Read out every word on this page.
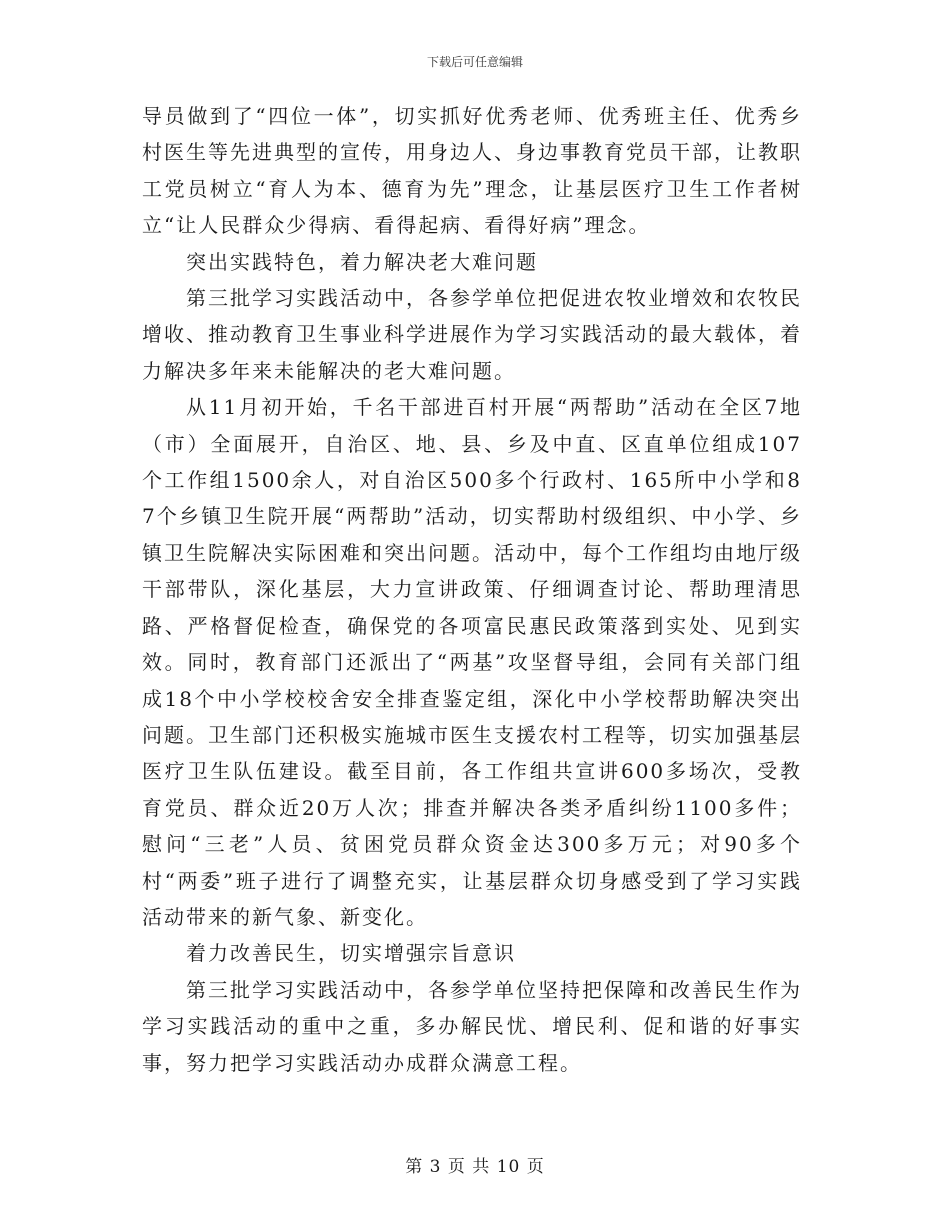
下载后可任意编辑

导员做到了“四位一体”，切实抓好优秀老师、优秀班主任、优秀乡村医生等先进典型的宣传，用身边人、身边事教育党员干部，让教职工党员树立“育人为本、德育为先”理念，让基层医疗卫生工作者树立“让人民群众少得病、看得起病、看得好病”理念。

突出实践特色，着力解决老大难问题

第三批学习实践活动中，各参学单位把促进农牧业增效和农牧民增收、推动教育卫生事业科学进展作为学习实践活动的最大载体，着力解决多年来未能解决的老大难问题。

从11月初开始，千名干部进百村开展“两帮助”活动在全区7地（市）全面展开，自治区、地、县、乡及中直、区直单位组成107个工作组1500余人，对自治区500多个行政村、165所中小学和87个乡镇卫生院开展“两帮助”活动，切实帮助村级组织、中小学、乡镇卫生院解决实际困难和突出问题。活动中，每个工作组均由地厅级干部带队，深化基层，大力宣讲政策、仔细调查讨论、帮助理清思路、严格督促检查，确保党的各项富民惠民政策落到实处、见到实效。同时，教育部门还派出了“两基”攻坚督导组，会同有关部门组成18个中小学校校舍安全排查鉴定组，深化中小学校帮助解决突出问题。卫生部门还积极实施城市医生支援农村工程等，切实加强基层医疗卫生队伍建设。截至目前，各工作组共宣讲600多场次，受教育党员、群众近20万人次；排查并解决各类矛盾纠纷1100多件；慰问“三老”人员、贫困党员群众资金达300多万元；对90多个村“两委”班子进行了调整充实，让基层群众切身感受到了学习实践活动带来的新气象、新变化。

着力改善民生，切实增强宗旨意识

第三批学习实践活动中，各参学单位坚持把保障和改善民生作为学习实践活动的重中之重，多办解民忧、增民利、促和谐的好事实事，努力把学习实践活动办成群众满意工程。

第 3 页 共 10 页
